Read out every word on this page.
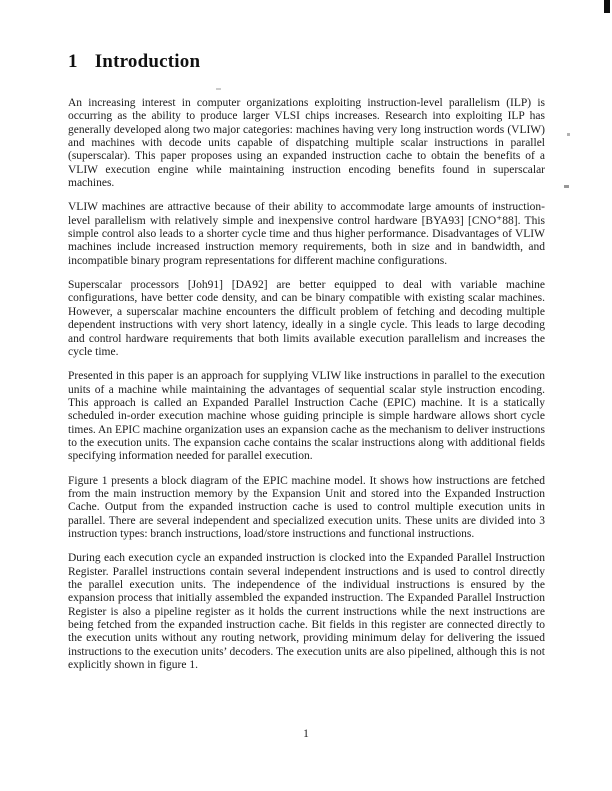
1 Introduction

An increasing interest in computer organizations exploiting instruction-level parallelism (ILP) is occurring as the ability to produce larger VLSI chips increases. Research into exploiting ILP has generally developed along two major categories: machines having very long instruction words (VLIW) and machines with decode units capable of dispatching multiple scalar instructions in parallel (superscalar). This paper proposes using an expanded instruction cache to obtain the benefits of a VLIW execution engine while maintaining instruction encoding benefits found in superscalar machines.

VLIW machines are attractive because of their ability to accommodate large amounts of instruction-level parallelism with relatively simple and inexpensive control hardware [BYA93] [CNO⁺88]. This simple control also leads to a shorter cycle time and thus higher performance. Disadvantages of VLIW machines include increased instruction memory requirements, both in size and in bandwidth, and incompatible binary program representations for different machine configurations.

Superscalar processors [Joh91] [DA92] are better equipped to deal with variable machine configurations, have better code density, and can be binary compatible with existing scalar machines. However, a superscalar machine encounters the difficult problem of fetching and decoding multiple dependent instructions with very short latency, ideally in a single cycle. This leads to large decoding and control hardware requirements that both limits available execution parallelism and increases the cycle time.

Presented in this paper is an approach for supplying VLIW like instructions in parallel to the execution units of a machine while maintaining the advantages of sequential scalar style instruction encoding. This approach is called an Expanded Parallel Instruction Cache (EPIC) machine. It is a statically scheduled in-order execution machine whose guiding principle is simple hardware allows short cycle times. An EPIC machine organization uses an expansion cache as the mechanism to deliver instructions to the execution units. The expansion cache contains the scalar instructions along with additional fields specifying information needed for parallel execution.

Figure 1 presents a block diagram of the EPIC machine model. It shows how instructions are fetched from the main instruction memory by the Expansion Unit and stored into the Expanded Instruction Cache. Output from the expanded instruction cache is used to control multiple execution units in parallel. There are several independent and specialized execution units. These units are divided into 3 instruction types: branch instructions, load/store instructions and functional instructions.

During each execution cycle an expanded instruction is clocked into the Expanded Parallel Instruction Register. Parallel instructions contain several independent instructions and is used to control directly the parallel execution units. The independence of the individual instructions is ensured by the expansion process that initially assembled the expanded instruction. The Expanded Parallel Instruction Register is also a pipeline register as it holds the current instructions while the next instructions are being fetched from the expanded instruction cache. Bit fields in this register are connected directly to the execution units without any routing network, providing minimum delay for delivering the issued instructions to the execution units’ decoders. The execution units are also pipelined, although this is not explicitly shown in figure 1.

1
